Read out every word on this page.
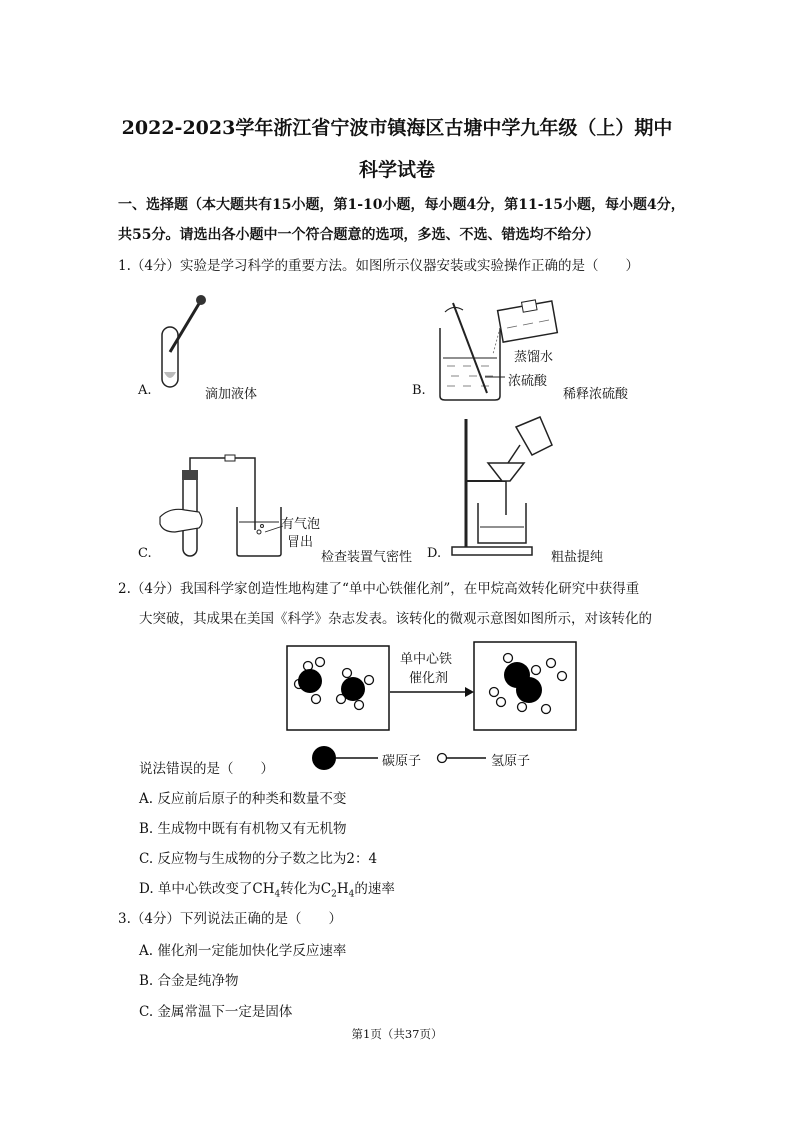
2022-2023学年浙江省宁波市镇海区古塘中学九年级（上）期中
科学试卷
一、选择题（本大题共有15小题，第1-10小题，每小题4分，第11-15小题，每小题4分，
共55分。请选出各小题中一个符合题意的选项，多选、不选、错选均不给分）
1.（4分）实验是学习科学的重要方法。如图所示仪器安装或实验操作正确的是（　　）
A.	滴加液体
蒸馏水
浓硫酸
B.	稀释浓硫酸
有气泡
冒出
C.	检查装置气密性 D.	粗盐提纯
2.（4分）我国科学家创造性地构建了“单中心铁催化剂”，在甲烷高效转化研究中获得重
大突破，其成果在美国《科学》杂志发表。该转化的微观示意图如图所示，对该转化的
单中心铁
催化剂
碳原子	氢原子
说法错误的是（　　）
A. 反应前后原子的种类和数量不变
B. 生成物中既有有机物又有无机物
C. 反应物与生成物的分子数之比为2：4
D. 单中心铁改变了$CH_4$转化为$C_2H_4$的速率
3.（4分）下列说法正确的是（　　）
A. 催化剂一定能加快化学反应速率
B. 合金是纯净物
C. 金属常温下一定是固体
第1页（共37页）
